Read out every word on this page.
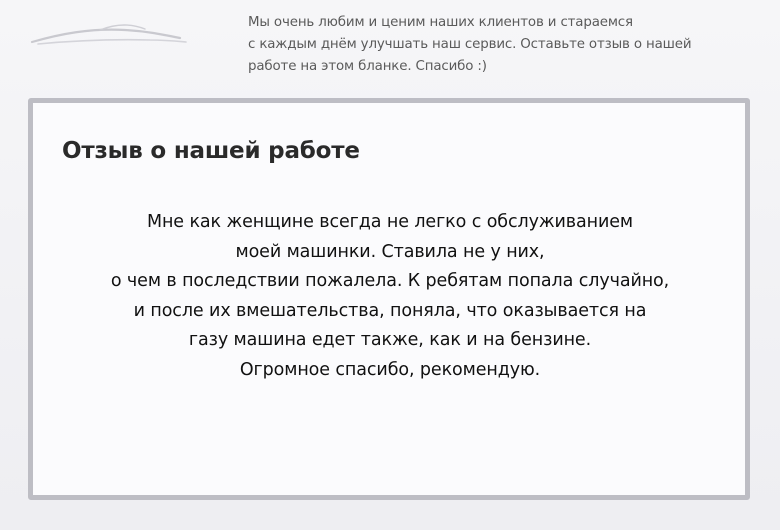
Мы очень любим и ценим наших клиентов и стараемся
с каждым днём улучшать наш сервис. Оставьте отзыв о нашей
работе на этом бланке. Спасибо :)
Отзыв о нашей работе
Мне как женщине всегда не легко с обслуживанием
моей машинки. Ставила не у них,
о чем в последствии пожалела. К ребятам попала случайно,
и после их вмешательства, поняла, что оказывается на
газу машина едет также, как и на бензине.
Огромное спасибо, рекомендую.
